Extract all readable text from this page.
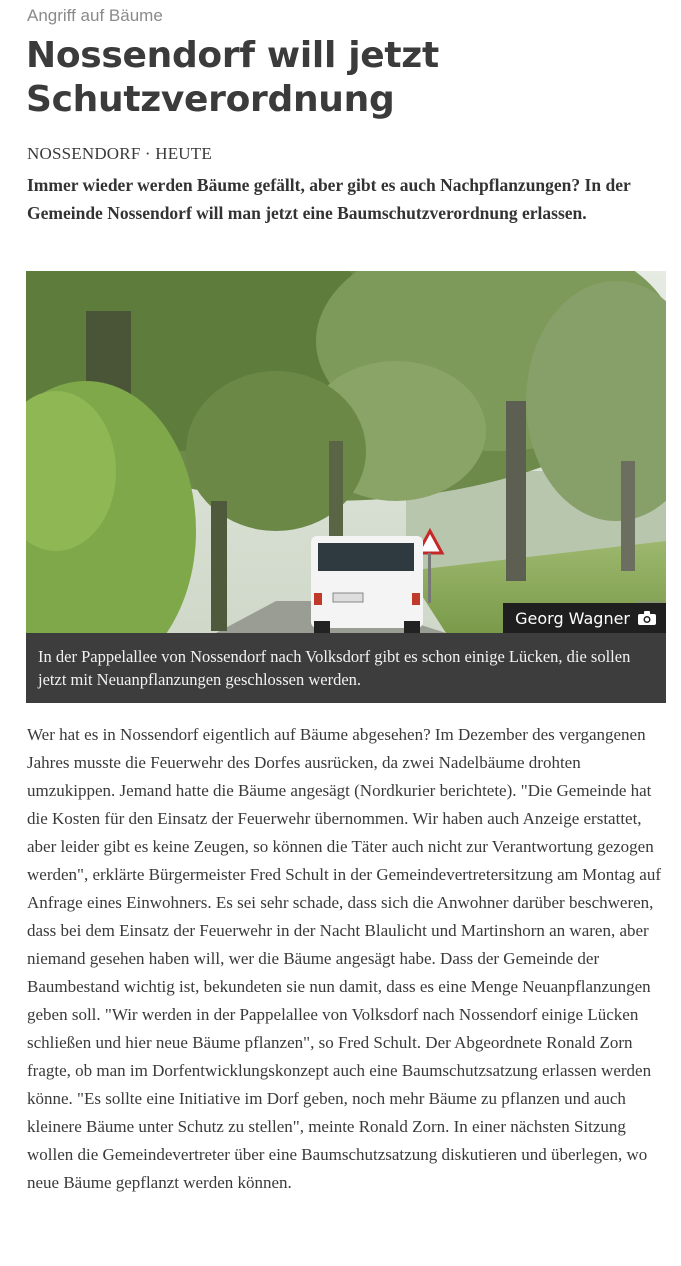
Angriff auf Bäume
Nossendorf will jetzt Schutzverordnung
NOSSENDORF · HEUTE

Immer wieder werden Bäume gefällt, aber gibt es auch Nachpflanzungen? In der Gemeinde Nossendorf will man jetzt eine Baumschutzverordnung erlassen.

Georg Wagner

In der Pappelallee von Nossendorf nach Volksdorf gibt es schon einige Lücken, die sollen jetzt mit Neuanpflanzungen geschlossen werden.

Wer hat es in Nossendorf eigentlich auf Bäume abgesehen? Im Dezember des vergangenen Jahres musste die Feuerwehr des Dorfes ausrücken, da zwei Nadelbäume drohten umzukippen. Jemand hatte die Bäume angesägt (Nordkurier berichtete). "Die Gemeinde hat die Kosten für den Einsatz der Feuerwehr übernommen. Wir haben auch Anzeige erstattet, aber leider gibt es keine Zeugen, so können die Täter auch nicht zur Verantwortung gezogen werden", erklärte Bürgermeister Fred Schult in der Gemeindevertretersitzung am Montag auf Anfrage eines Einwohners. Es sei sehr schade, dass sich die Anwohner darüber beschweren, dass bei dem Einsatz der Feuerwehr in der Nacht Blaulicht und Martinshorn an waren, aber niemand gesehen haben will, wer die Bäume angesägt habe. Dass der Gemeinde der Baumbestand wichtig ist, bekundeten sie nun damit, dass es eine Menge Neuanpflanzungen geben soll. "Wir werden in der Pappelallee von Volksdorf nach Nossendorf einige Lücken schließen und hier neue Bäume pflanzen", so Fred Schult. Der Abgeordnete Ronald Zorn fragte, ob man im Dorfentwicklungskonzept auch eine Baumschutzsatzung erlassen werden könne. "Es sollte eine Initiative im Dorf geben, noch mehr Bäume zu pflanzen und auch kleinere Bäume unter Schutz zu stellen", meinte Ronald Zorn. In einer nächsten Sitzung wollen die Gemeindevertreter über eine Baumschutzsatzung diskutieren und überlegen, wo neue Bäume gepflanzt werden können.
